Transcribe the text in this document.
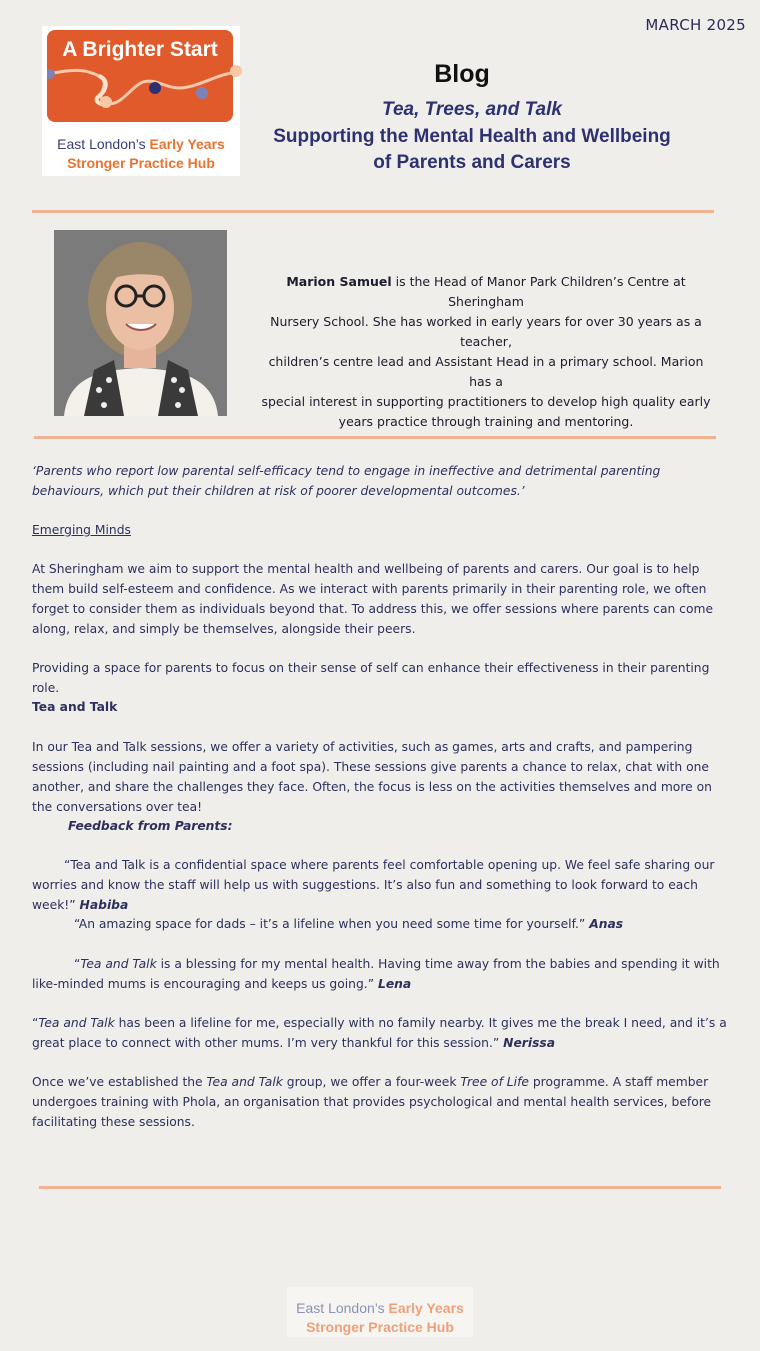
MARCH 2025
A Brighter Start
East London’s Early Years
Stronger Practice Hub
Blog
Tea, Trees, and Talk
Supporting the Mental Health and Wellbeing
of Parents and Carers
Marion Samuel is the Head of Manor Park Children’s Centre at Sheringham
Nursery School. She has worked in early years for over 30 years as a teacher,
children’s centre lead and Assistant Head in a primary school. Marion has a
special interest in supporting practitioners to develop high quality early
years practice through training and mentoring.

‘Parents who report low parental self-efficacy tend to engage in ineffective and detrimental parenting behaviours, which put their children at risk of poorer developmental outcomes.’

Emerging Minds

At Sheringham we aim to support the mental health and wellbeing of parents and carers. Our goal is to help them build self-esteem and confidence. As we interact with parents primarily in their parenting role, we often forget to consider them as individuals beyond that. To address this, we offer sessions where parents can come along, relax, and simply be themselves, alongside their peers.

Providing a space for parents to focus on their sense of self can enhance their effectiveness in their parenting role.

Tea and Talk

In our Tea and Talk sessions, we offer a variety of activities, such as games, arts and crafts, and pampering sessions (including nail painting and a foot spa). These sessions give parents a chance to relax, chat with one another, and share the challenges they face. Often, the focus is less on the activities themselves and more on the conversations over tea!

Feedback from Parents:

“Tea and Talk is a confidential space where parents feel comfortable opening up. We feel safe sharing our worries and know the staff will help us with suggestions. It’s also fun and something to look forward to each week!” Habiba

“An amazing space for dads – it’s a lifeline when you need some time for yourself.” Anas

“Tea and Talk is a blessing for my mental health. Having time away from the babies and spending it with like-minded mums is encouraging and keeps us going.” Lena

“Tea and Talk has been a lifeline for me, especially with no family nearby. It gives me the break I need, and it’s a great place to connect with other mums. I’m very thankful for this session.” Nerissa

Once we’ve established the Tea and Talk group, we offer a four-week Tree of Life programme. A staff member undergoes training with Phola, an organisation that provides psychological and mental health services, before facilitating these sessions.

East London’s Early Years
Stronger Practice Hub
